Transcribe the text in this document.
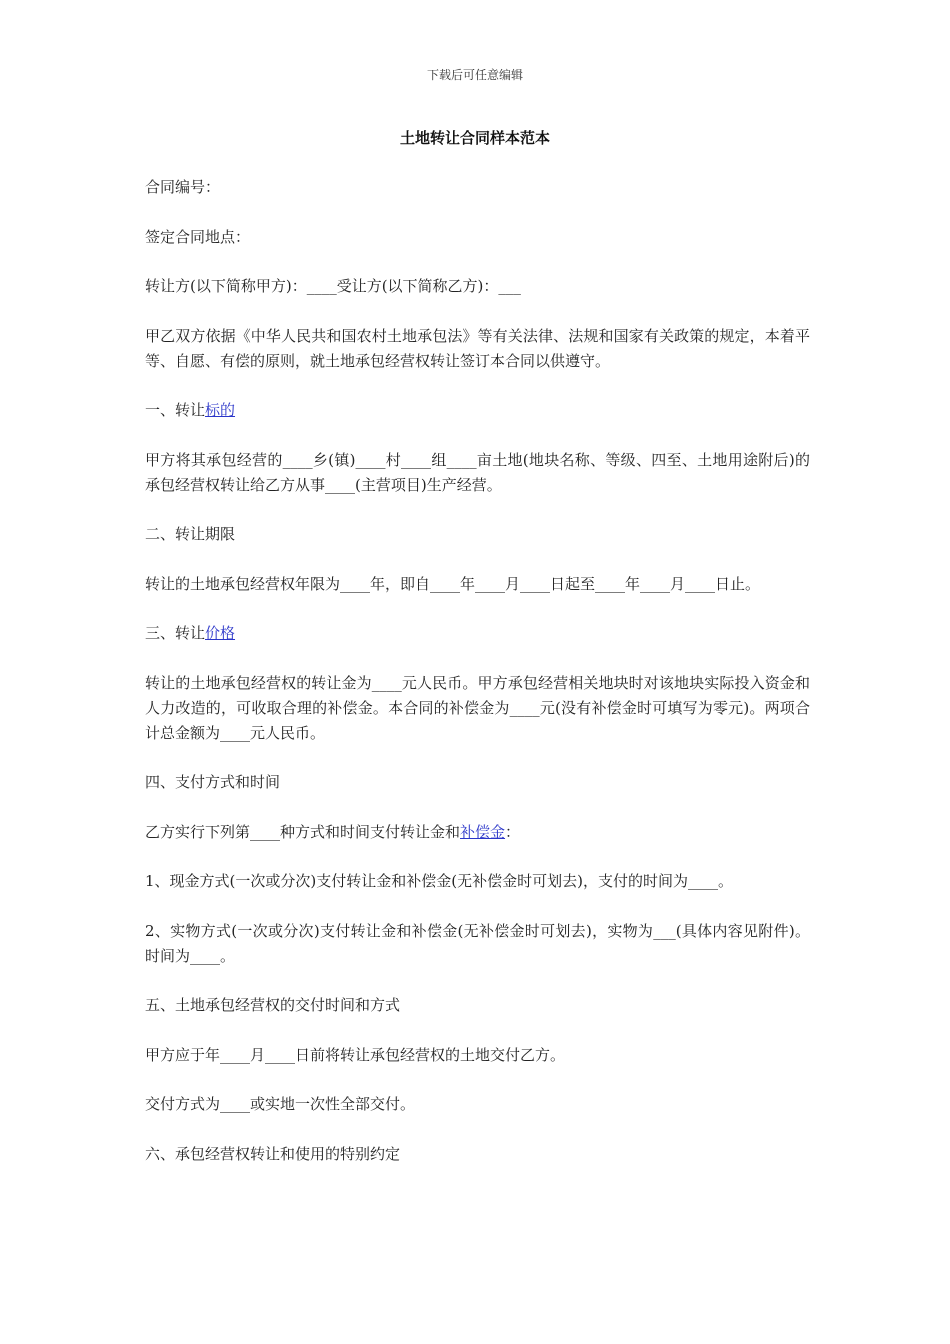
下载后可任意编辑
土地转让合同样本范本

合同编号：

签定合同地点：

转让方(以下简称甲方)：____受让方(以下简称乙方)：___

甲乙双方依据《中华人民共和国农村土地承包法》等有关法律、法规和国家有关政策的规定，本着平等、自愿、有偿的原则，就土地承包经营权转让签订本合同以供遵守。

一、转让标的

甲方将其承包经营的____乡(镇)____村____组____亩土地(地块名称、等级、四至、土地用途附后)的承包经营权转让给乙方从事____(主营项目)生产经营。

二、转让期限

转让的土地承包经营权年限为____年，即自____年____月____日起至____年____月____日止。

三、转让价格

转让的土地承包经营权的转让金为____元人民币。甲方承包经营相关地块时对该地块实际投入资金和人力改造的，可收取合理的补偿金。本合同的补偿金为____元(没有补偿金时可填写为零元)。两项合计总金额为____元人民币。

四、支付方式和时间

乙方实行下列第____种方式和时间支付转让金和补偿金：

1、现金方式(一次或分次)支付转让金和补偿金(无补偿金时可划去)，支付的时间为____。

2、实物方式(一次或分次)支付转让金和补偿金(无补偿金时可划去)，实物为___(具体内容见附件)。时间为____。

五、土地承包经营权的交付时间和方式

甲方应于年____月____日前将转让承包经营权的土地交付乙方。

交付方式为____或实地一次性全部交付。

六、承包经营权转让和使用的特别约定
